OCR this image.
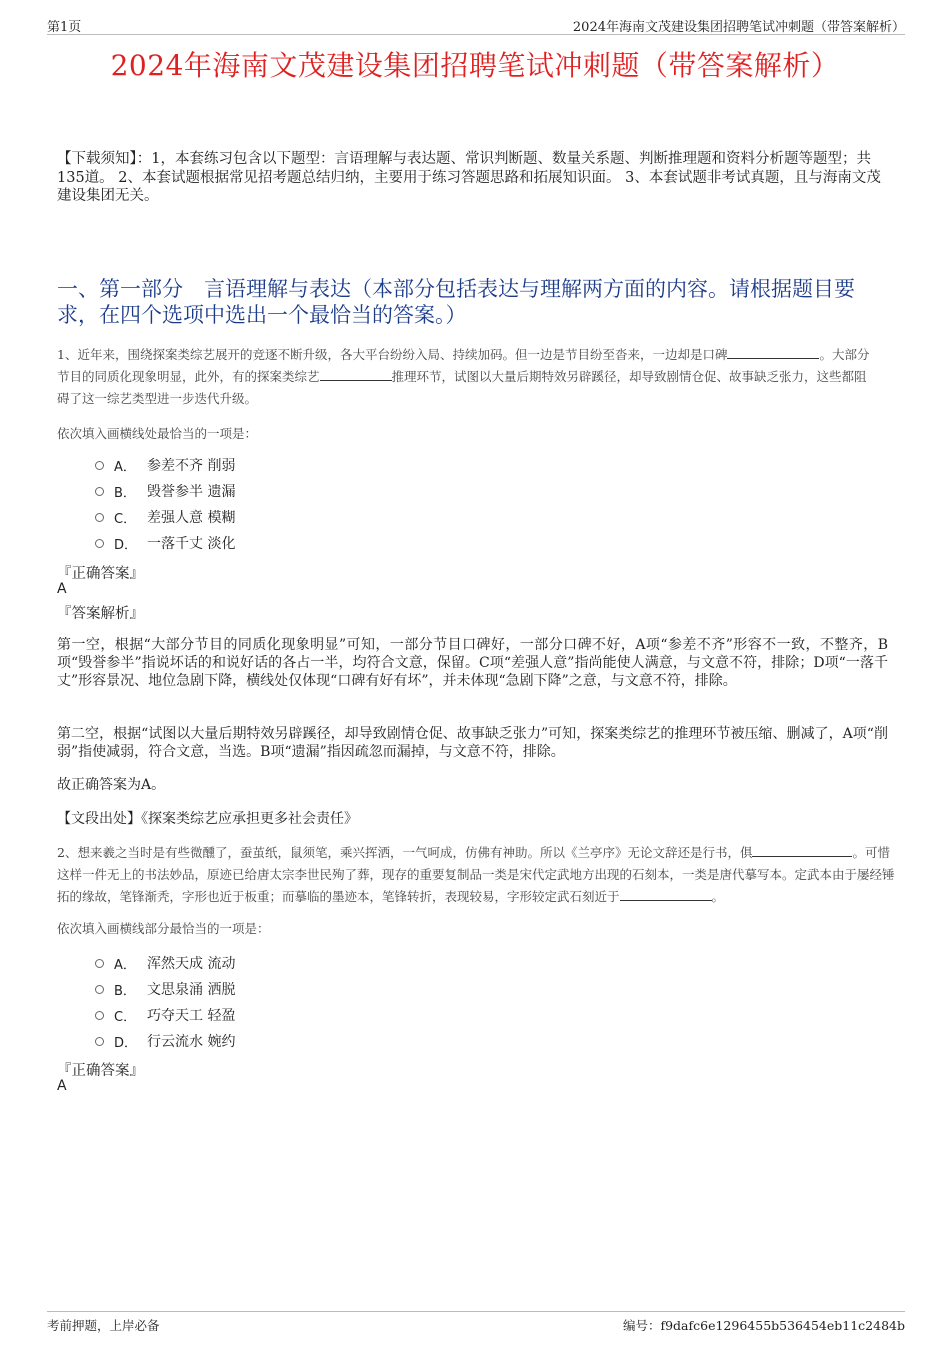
第1页	2024年海南文茂建设集团招聘笔试冲刺题（带答案解析）
2024年海南文茂建设集团招聘笔试冲刺题（带答案解析）
【下载须知】：1，本套练习包含以下题型：言语理解与表达题、常识判断题、数量关系题、判断推理题和资料分析题等题型；共135道。 2、本套试题根据常见招考题总结归纳，主要用于练习答题思路和拓展知识面。 3、本套试题非考试真题，且与海南文茂建设集团无关。
一、第一部分　言语理解与表达（本部分包括表达与理解两方面的内容。请根据题目要求，在四个选项中选出一个最恰当的答案。）
1、近年来，围绕探案类综艺展开的竞逐不断升级，各大平台纷纷入局、持续加码。但一边是节目纷至沓来，一边却是口碑	。大部分节目的同质化现象明显，此外，有的探案类综艺	推理环节，试图以大量后期特效另辟蹊径，却导致剧情仓促、故事缺乏张力，这些都阻碍了这一综艺类型进一步迭代升级。
依次填入画横线处最恰当的一项是：
A． 参差不齐 削弱
B． 毁誉参半 遗漏
C． 差强人意 模糊
D． 一落千丈 淡化
『正确答案』
A
『答案解析』
第一空，根据“大部分节目的同质化现象明显”可知，一部分节目口碑好，一部分口碑不好，A项“参差不齐”形容不一致，不整齐，B项“毁誉参半”指说坏话的和说好话的各占一半，均符合文意，保留。C项“差强人意”指尚能使人满意，与文意不符，排除；D项“一落千丈”形容景况、地位急剧下降，横线处仅体现“口碑有好有坏”，并未体现“急剧下降”之意，与文意不符，排除。
第二空，根据“试图以大量后期特效另辟蹊径，却导致剧情仓促、故事缺乏张力”可知，探案类综艺的推理环节被压缩、删减了，A项“削弱”指使减弱，符合文意，当选。B项“遗漏”指因疏忽而漏掉，与文意不符，排除。
故正确答案为A。
【文段出处】《探案类综艺应承担更多社会责任》
2、想来羲之当时是有些微醺了，蚕茧纸，鼠须笔，乘兴挥洒，一气呵成，仿佛有神助。所以《兰亭序》无论文辞还是行书，俱	。可惜这样一件无上的书法妙品，原迹已给唐太宗李世民殉了葬，现存的重要复制品一类是宋代定武地方出现的石刻本，一类是唐代摹写本。定武本由于屡经锤拓的缘故，笔锋渐秃，字形也近于板重；而摹临的墨迹本，笔锋转折，表现较易，字形较定武石刻近于	。
依次填入画横线部分最恰当的一项是：
A． 浑然天成 流动
B． 文思泉涌 洒脱
C． 巧夺天工 轻盈
D． 行云流水 婉约
『正确答案』
A
考前押题，上岸必备	编号：f9dafc6e1296455b536454eb11c2484b
